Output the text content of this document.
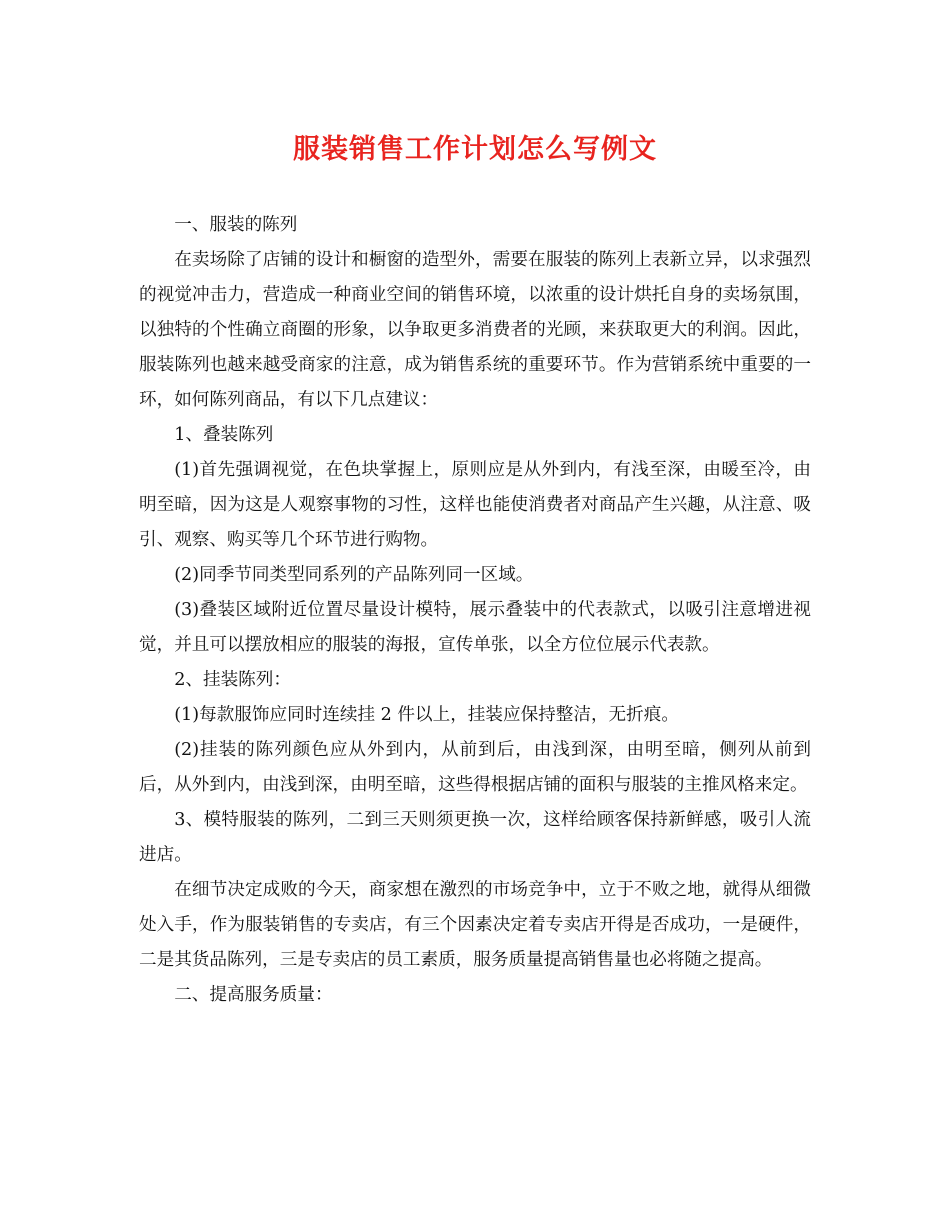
服装销售工作计划怎么写例文

一、服装的陈列

在卖场除了店铺的设计和橱窗的造型外，需要在服装的陈列上表新立异，以求强烈的视觉冲击力，营造成一种商业空间的销售环境，以浓重的设计烘托自身的卖场氛围，以独特的个性确立商圈的形象，以争取更多消费者的光顾，来获取更大的利润。因此，服装陈列也越来越受商家的注意，成为销售系统的重要环节。作为营销系统中重要的一环，如何陈列商品，有以下几点建议：

1、叠装陈列

(1)首先强调视觉，在色块掌握上，原则应是从外到内，有浅至深，由暖至冷，由明至暗，因为这是人观察事物的习性，这样也能使消费者对商品产生兴趣，从注意、吸引、观察、购买等几个环节进行购物。

(2)同季节同类型同系列的产品陈列同一区域。

(3)叠装区域附近位置尽量设计模特，展示叠装中的代表款式，以吸引注意增进视觉，并且可以摆放相应的服装的海报，宣传单张，以全方位位展示代表款。

2、挂装陈列：

(1)每款服饰应同时连续挂 2 件以上，挂装应保持整洁，无折痕。

(2)挂装的陈列颜色应从外到内，从前到后，由浅到深，由明至暗，侧列从前到后，从外到内，由浅到深，由明至暗，这些得根据店铺的面积与服装的主推风格来定。

3、模特服装的陈列，二到三天则须更换一次，这样给顾客保持新鲜感，吸引人流进店。

在细节决定成败的今天，商家想在激烈的市场竞争中，立于不败之地，就得从细微处入手，作为服装销售的专卖店，有三个因素决定着专卖店开得是否成功，一是硬件，二是其货品陈列，三是专卖店的员工素质，服务质量提高销售量也必将随之提高。

二、提高服务质量：
